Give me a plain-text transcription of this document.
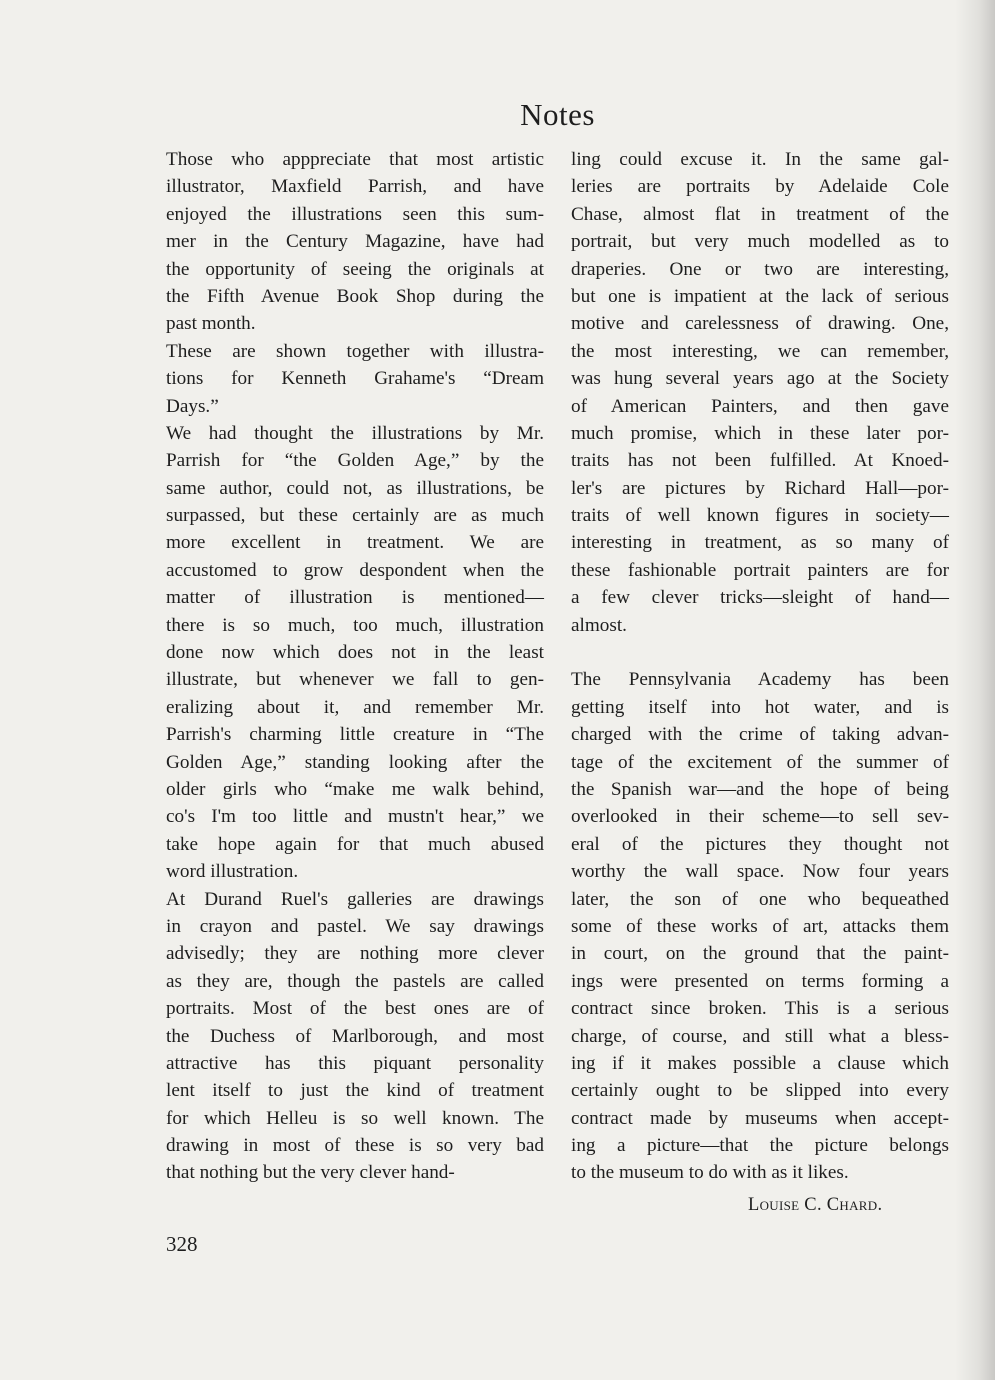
Notes
Those who apppreciate that most artistic
illustrator, Maxfield Parrish, and have
enjoyed the illustrations seen this sum-
mer in the Century Magazine, have had
the opportunity of seeing the originals at
the Fifth Avenue Book Shop during the
past month.
These are shown together with illustra-
tions for Kenneth Grahame's “Dream
Days.”
We had thought the illustrations by Mr.
Parrish for “the Golden Age,” by the
same author, could not, as illustrations, be
surpassed, but these certainly are as much
more excellent in treatment. We are
accustomed to grow despondent when the
matter of illustration is mentioned—
there is so much, too much, illustration
done now which does not in the least
illustrate, but whenever we fall to gen-
eralizing about it, and remember Mr.
Parrish's charming little creature in “The
Golden Age,” standing looking after the
older girls who “make me walk behind,
co's I'm too little and mustn't hear,” we
take hope again for that much abused
word illustration.
At Durand Ruel's galleries are drawings
in crayon and pastel. We say drawings
advisedly; they are nothing more clever
as they are, though the pastels are called
portraits. Most of the best ones are of
the Duchess of Marlborough, and most
attractive has this piquant personality
lent itself to just the kind of treatment
for which Helleu is so well known. The
drawing in most of these is so very bad
that nothing but the very clever hand-
ling could excuse it. In the same gal-
leries are portraits by Adelaide Cole
Chase, almost flat in treatment of the
portrait, but very much modelled as to
draperies. One or two are interesting,
but one is impatient at the lack of serious
motive and carelessness of drawing. One,
the most interesting, we can remember,
was hung several years ago at the Society
of American Painters, and then gave
much promise, which in these later por-
traits has not been fulfilled. At Knoed-
ler's are pictures by Richard Hall—por-
traits of well known figures in society—
interesting in treatment, as so many of
these fashionable portrait painters are for
a few clever tricks—sleight of hand—
almost.

The Pennsylvania Academy has been
getting itself into hot water, and is
charged with the crime of taking advan-
tage of the excitement of the summer of
the Spanish war—and the hope of being
overlooked in their scheme—to sell sev-
eral of the pictures they thought not
worthy the wall space. Now four years
later, the son of one who bequeathed
some of these works of art, attacks them
in court, on the ground that the paint-
ings were presented on terms forming a
contract since broken. This is a serious
charge, of course, and still what a bless-
ing if it makes possible a clause which
certainly ought to be slipped into every
contract made by museums when accept-
ing a picture—that the picture belongs
to the museum to do with as it likes.
Louise C. Chard.
328
